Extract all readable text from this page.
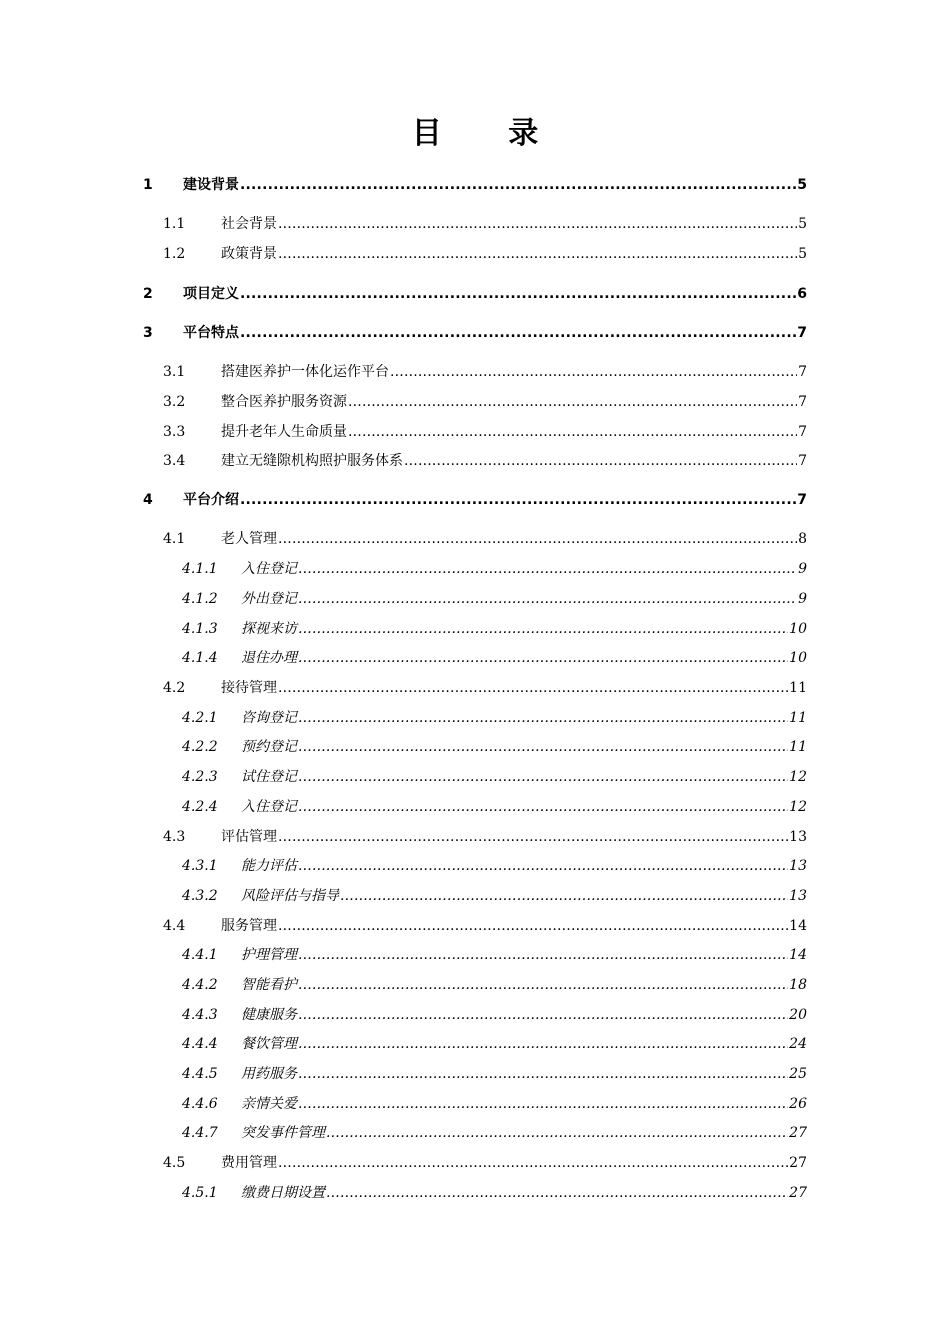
目 录
1	建设背景 .....	5
1.1	社会背景 .....	5
1.2	政策背景 .....	5
2	项目定义 .....	6
3	平台特点 .....	7
3.1	搭建医养护一体化运作平台 .....	7
3.2	整合医养护服务资源 .....	7
3.3	提升老年人生命质量 .....	7
3.4	建立无缝隙机构照护服务体系 .....	7
4	平台介绍 .....	7
4.1	老人管理 .....	8
4.1.1	入住登记 .....	9
4.1.2	外出登记 .....	9
4.1.3	探视来访 .....	10
4.1.4	退住办理 .....	10
4.2	接待管理 .....	11
4.2.1	咨询登记 .....	11
4.2.2	预约登记 .....	11
4.2.3	试住登记 .....	12
4.2.4	入住登记 .....	12
4.3	评估管理 .....	13
4.3.1	能力评估 .....	13
4.3.2	风险评估与指导 .....	13
4.4	服务管理 .....	14
4.4.1	护理管理 .....	14
4.4.2	智能看护 .....	18
4.4.3	健康服务 .....	20
4.4.4	餐饮管理 .....	24
4.4.5	用药服务 .....	25
4.4.6	亲情关爱 .....	26
4.4.7	突发事件管理 .....	27
4.5	费用管理 .....	27
4.5.1	缴费日期设置 .....	27
